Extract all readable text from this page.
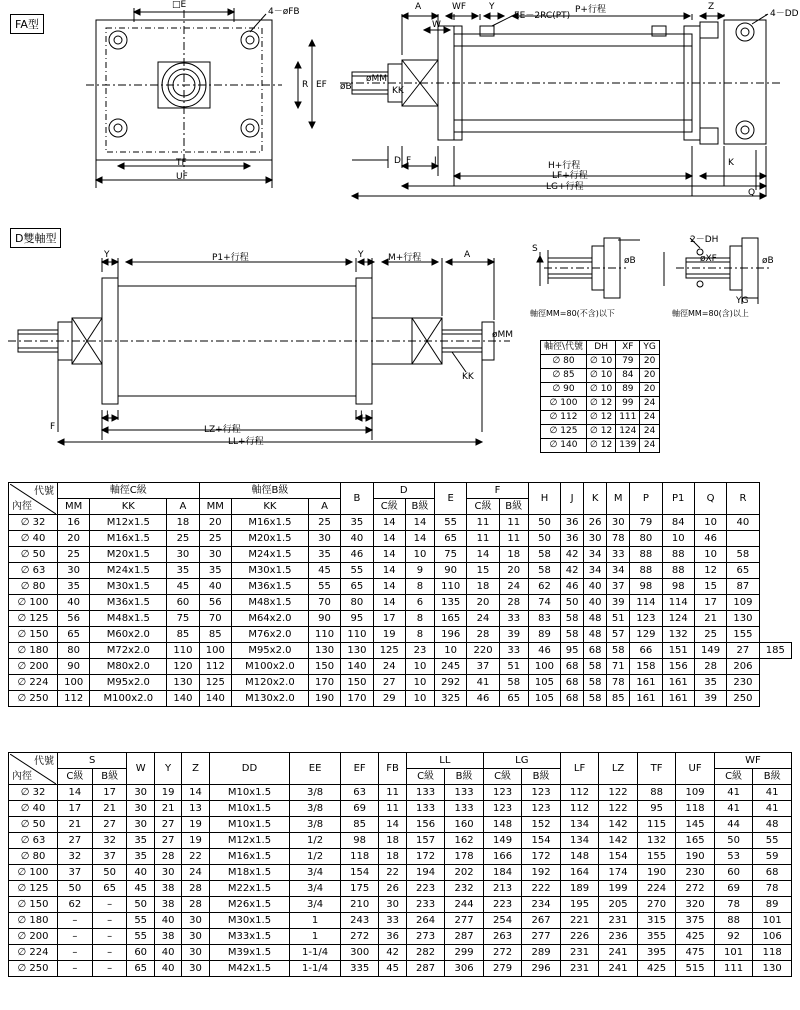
FA型
D雙軸型
□E
4－øFB
R EF
TF
UF
A	WF	Y	P+行程	Z
4－DD
W
EE－2RC(PT)
øMM
KK
øB
D F	J	H+行程	K
LF+行程
LG+行程
Q
Y	P1+行程	Y	M+行程	A
øMM
KK
J
F	LZ+行程
J
LL+行程
S
2－DH
øXF
øB	øB
YG
軸徑MM=80(不含)以下	軸徑MM=80(含)以上
軸徑\代號	DH	XF	YG
∅ 80	∅ 10	79	20
∅ 85	∅ 10	84	20
∅ 90	∅ 10	89	20
∅ 100	∅ 12	99	24
∅ 112	∅ 12	111	24
∅ 125	∅ 12	124	24
∅ 140	∅ 12	139	24
代號
內徑	軸徑C級			軸徑B級			B	D		E	F		H	J	K	M	P	P1	Q	R	
	MM	KK	A	MM	KK	A		C級	B級		C級	B級									
∅ 32	16	M12x1.5	18	20	M16x1.5	25	35	14	14	55	11	11	50	36	26	30	79	84	10	40	
∅ 40	20	M16x1.5	25	25	M20x1.5	30	40	14	14	65	11	11	50	36	30	78	80	10	46		
∅ 50	25	M20x1.5	30	30	M24x1.5	35	46	14	10	75	14	18	58	42	34	33	88	88	10	58	
∅ 63	30	M24x1.5	35	35	M30x1.5	45	55	14	9	90	15	20	58	42	34	34	88	88	12	65	
∅ 80	35	M30x1.5	45	40	M36x1.5	55	65	14	8	110	18	24	62	46	40	37	98	98	15	87	
∅ 100	40	M36x1.5	60	56	M48x1.5	70	80	14	6	135	20	28	74	50	40	39	114	114	17	109	
∅ 125	56	M48x1.5	75	70	M64x2.0	90	95	17	8	165	24	33	83	58	48	51	123	124	21	130	
∅ 150	65	M60x2.0	85	85	M76x2.0	110	110	19	8	196	28	39	89	58	48	57	129	132	25	155	
∅ 180	80	M72x2.0	110	100	M95x2.0	130	130	125	23	10	220	33	46	95	68	58	66	151	149	27	185
∅ 200	90	M80x2.0	120	112	M100x2.0	150	140	24	10	245	37	51	100	68	58	71	158	156	28	206	
∅ 224	100	M95x2.0	130	125	M120x2.0	170	150	27	10	292	41	58	105	68	58	78	161	161	35	230	
∅ 250	112	M100x2.0	140	140	M130x2.0	190	170	29	10	325	46	65	105	68	58	85	161	161	39	250	
代號
內徑	S		W	Y	Z	DD	EE	EF	FB	LL		LG		LF	LZ	TF	UF	WF	
	C級	B級								C級	B級	C級	B級					C級	B級
∅ 32	14	17	30	19	14	M10x1.5	3/8	63	11	133	133	123	123	112	122	88	109	41	41
∅ 40	17	21	30	21	13	M10x1.5	3/8	69	11	133	133	123	123	112	122	95	118	41	41
∅ 50	21	27	30	27	19	M10x1.5	3/8	85	14	156	160	148	152	134	142	115	145	44	48
∅ 63	27	32	35	27	19	M12x1.5	1/2	98	18	157	162	149	154	134	142	132	165	50	55
∅ 80	32	37	35	28	22	M16x1.5	1/2	118	18	172	178	166	172	148	154	155	190	53	59
∅ 100	37	50	40	30	24	M18x1.5	3/4	154	22	194	202	184	192	164	174	190	230	60	68
∅ 125	50	65	45	38	28	M22x1.5	3/4	175	26	223	232	213	222	189	199	224	272	69	78
∅ 150	62	–	50	38	28	M26x1.5	3/4	210	30	233	244	223	234	195	205	270	320	78	89
∅ 180	–	–	55	40	30	M30x1.5	1	243	33	264	277	254	267	221	231	315	375	88	101
∅ 200	–	–	55	38	30	M33x1.5	1	272	36	273	287	263	277	226	236	355	425	92	106
∅ 224	–	–	60	40	30	M39x1.5	1-1/4	300	42	282	299	272	289	231	241	395	475	101	118
∅ 250	–	–	65	40	30	M42x1.5	1-1/4	335	45	287	306	279	296	231	241	425	515	111	130
